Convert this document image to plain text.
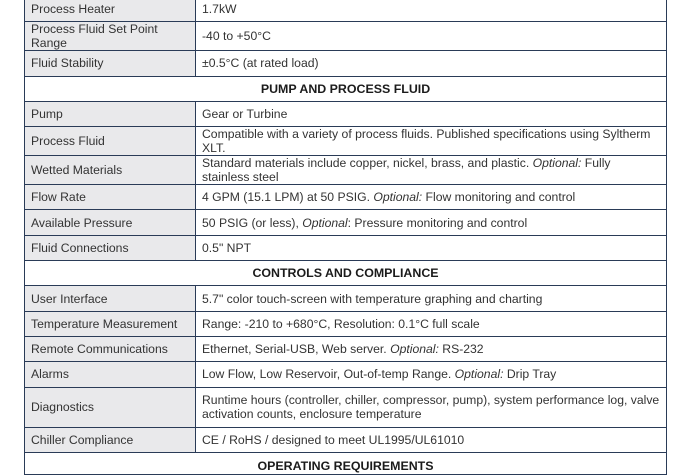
Process Heater	1.7kW
Process Fluid Set Point Range	-40 to +50°C
Fluid Stability	±0.5°C (at rated load)
PUMP AND PROCESS FLUID	
Pump	Gear or Turbine
Process Fluid	Compatible with a variety of process fluids. Published specifications using Syltherm XLT.
Wetted Materials	Standard materials include copper, nickel, brass, and plastic. Optional: Fully stainless steel
Flow Rate	4 GPM (15.1 LPM) at 50 PSIG. Optional: Flow monitoring and control
Available Pressure	50 PSIG (or less), Optional: Pressure monitoring and control
Fluid Connections	0.5" NPT
CONTROLS AND COMPLIANCE	
User Interface	5.7" color touch-screen with temperature graphing and charting
Temperature Measurement	Range: -210 to +680°C, Resolution: 0.1°C full scale
Remote Communications	Ethernet, Serial-USB, Web server. Optional: RS-232
Alarms	Low Flow, Low Reservoir, Out-of-temp Range. Optional: Drip Tray
Diagnostics	Runtime hours (controller, chiller, compressor, pump), system performance log, valve activation counts, enclosure temperature
Chiller Compliance	CE / RoHS / designed to meet UL1995/UL61010
OPERATING REQUIREMENTS	
